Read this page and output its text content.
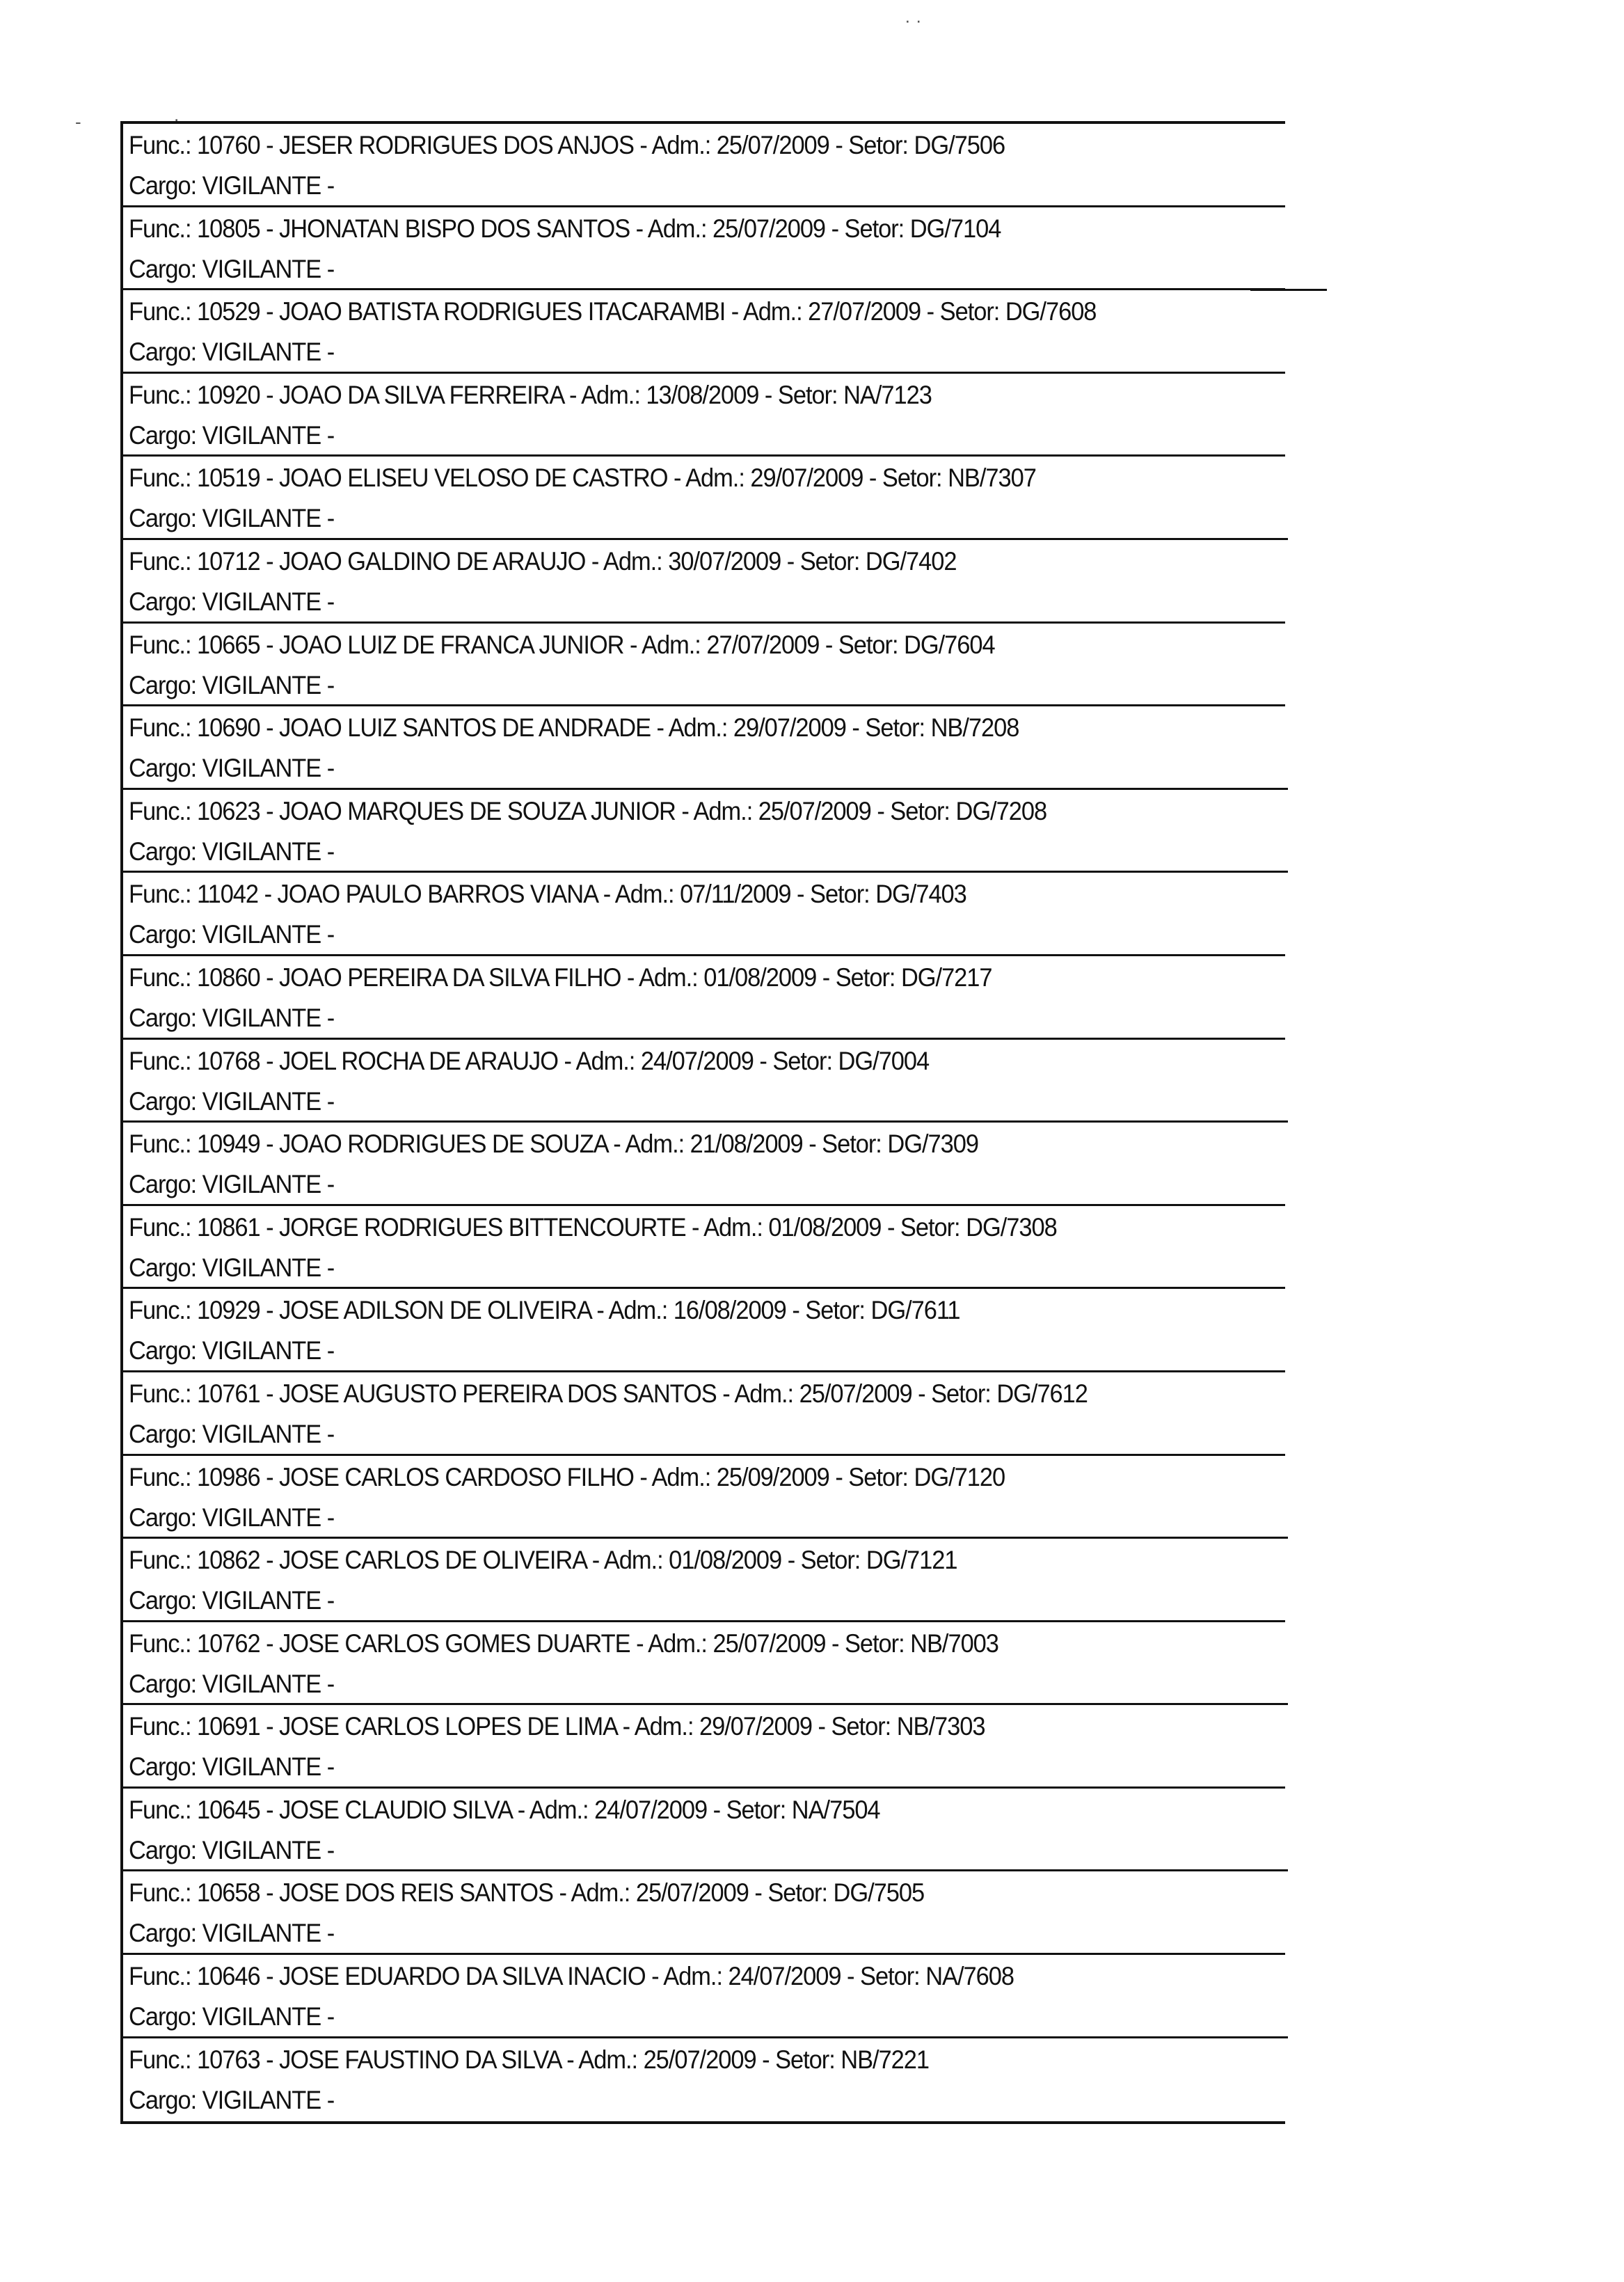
· ·
-	,
Func.: 10760 - JESER RODRIGUES DOS ANJOS - Adm.: 25/07/2009 - Setor: DG/7506
Cargo: VIGILANTE -
Func.: 10805 - JHONATAN BISPO DOS SANTOS - Adm.: 25/07/2009 - Setor: DG/7104
Cargo: VIGILANTE -
Func.: 10529 - JOAO BATISTA RODRIGUES ITACARAMBI - Adm.: 27/07/2009 - Setor: DG/7608
Cargo: VIGILANTE -
Func.: 10920 - JOAO DA SILVA FERREIRA - Adm.: 13/08/2009 - Setor: NA/7123
Cargo: VIGILANTE -
Func.: 10519 - JOAO ELISEU VELOSO DE CASTRO - Adm.: 29/07/2009 - Setor: NB/7307
Cargo: VIGILANTE -
Func.: 10712 - JOAO GALDINO DE ARAUJO - Adm.: 30/07/2009 - Setor: DG/7402
Cargo: VIGILANTE -
Func.: 10665 - JOAO LUIZ DE FRANCA JUNIOR - Adm.: 27/07/2009 - Setor: DG/7604
Cargo: VIGILANTE -
Func.: 10690 - JOAO LUIZ SANTOS DE ANDRADE - Adm.: 29/07/2009 - Setor: NB/7208
Cargo: VIGILANTE -
Func.: 10623 - JOAO MARQUES DE SOUZA JUNIOR - Adm.: 25/07/2009 - Setor: DG/7208
Cargo: VIGILANTE -
Func.: 11042 - JOAO PAULO BARROS VIANA - Adm.: 07/11/2009 - Setor: DG/7403
Cargo: VIGILANTE -
Func.: 10860 - JOAO PEREIRA DA SILVA FILHO - Adm.: 01/08/2009 - Setor: DG/7217
Cargo: VIGILANTE -
Func.: 10768 - JOEL ROCHA DE ARAUJO - Adm.: 24/07/2009 - Setor: DG/7004
Cargo: VIGILANTE -
Func.: 10949 - JOAO RODRIGUES DE SOUZA - Adm.: 21/08/2009 - Setor: DG/7309
Cargo: VIGILANTE -
Func.: 10861 - JORGE RODRIGUES BITTENCOURTE - Adm.: 01/08/2009 - Setor: DG/7308
Cargo: VIGILANTE -
Func.: 10929 - JOSE ADILSON DE OLIVEIRA - Adm.: 16/08/2009 - Setor: DG/7611
Cargo: VIGILANTE -
Func.: 10761 - JOSE AUGUSTO PEREIRA DOS SANTOS - Adm.: 25/07/2009 - Setor: DG/7612
Cargo: VIGILANTE -
Func.: 10986 - JOSE CARLOS CARDOSO FILHO - Adm.: 25/09/2009 - Setor: DG/7120
Cargo: VIGILANTE -
Func.: 10862 - JOSE CARLOS DE OLIVEIRA - Adm.: 01/08/2009 - Setor: DG/7121
Cargo: VIGILANTE -
Func.: 10762 - JOSE CARLOS GOMES DUARTE - Adm.: 25/07/2009 - Setor: NB/7003
Cargo: VIGILANTE -
Func.: 10691 - JOSE CARLOS LOPES DE LIMA - Adm.: 29/07/2009 - Setor: NB/7303
Cargo: VIGILANTE -
Func.: 10645 - JOSE CLAUDIO SILVA - Adm.: 24/07/2009 - Setor: NA/7504
Cargo: VIGILANTE -
Func.: 10658 - JOSE DOS REIS SANTOS - Adm.: 25/07/2009 - Setor: DG/7505
Cargo: VIGILANTE -
Func.: 10646 - JOSE EDUARDO DA SILVA INACIO - Adm.: 24/07/2009 - Setor: NA/7608
Cargo: VIGILANTE -
Func.: 10763 - JOSE FAUSTINO DA SILVA - Adm.: 25/07/2009 - Setor: NB/7221
Cargo: VIGILANTE -
